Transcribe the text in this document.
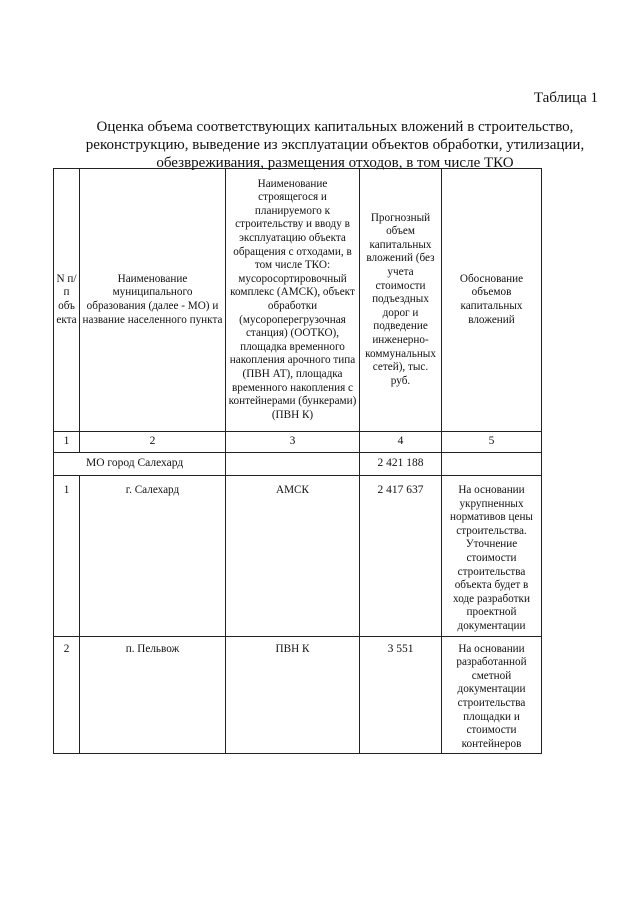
Таблица 1
Оценка объема соответствующих капитальных вложений в строительство,
реконструкцию, выведение из эксплуатации объектов обработки, утилизации,
обезвреживания, размещения отходов, в том числе ТКО
N п/п объекта	Наименование муниципального образования (далее - МО) и название населенного пункта	Наименование строящегося и планируемого к строительству и вводу в эксплуатацию объекта обращения с отходами, в том числе ТКО: мусоросортировочный комплекс (АМСК), объект обработки (мусороперегрузочная станция) (ООТКО), площадка временного накопления арочного типа (ПВН АТ), площадка временного накопления с контейнерами (бункерами) (ПВН К)	Прогнозный объем капитальных вложений (без учета стоимости подъездных дорог и подведение инженерно-коммунальных сетей), тыс. руб.	Обоснование объемов капитальных вложений
1	2	3	4	5
МО город Салехард			2 421 188	
1	г. Салехард	АМСК	2 417 637	На основании укрупненных нормативов цены строительства. Уточнение стоимости строительства объекта будет в ходе разработки проектной документации
2	п. Пельвож	ПВН К	3 551	На основании разработанной сметной документации строительства площадки и стоимости контейнеров
